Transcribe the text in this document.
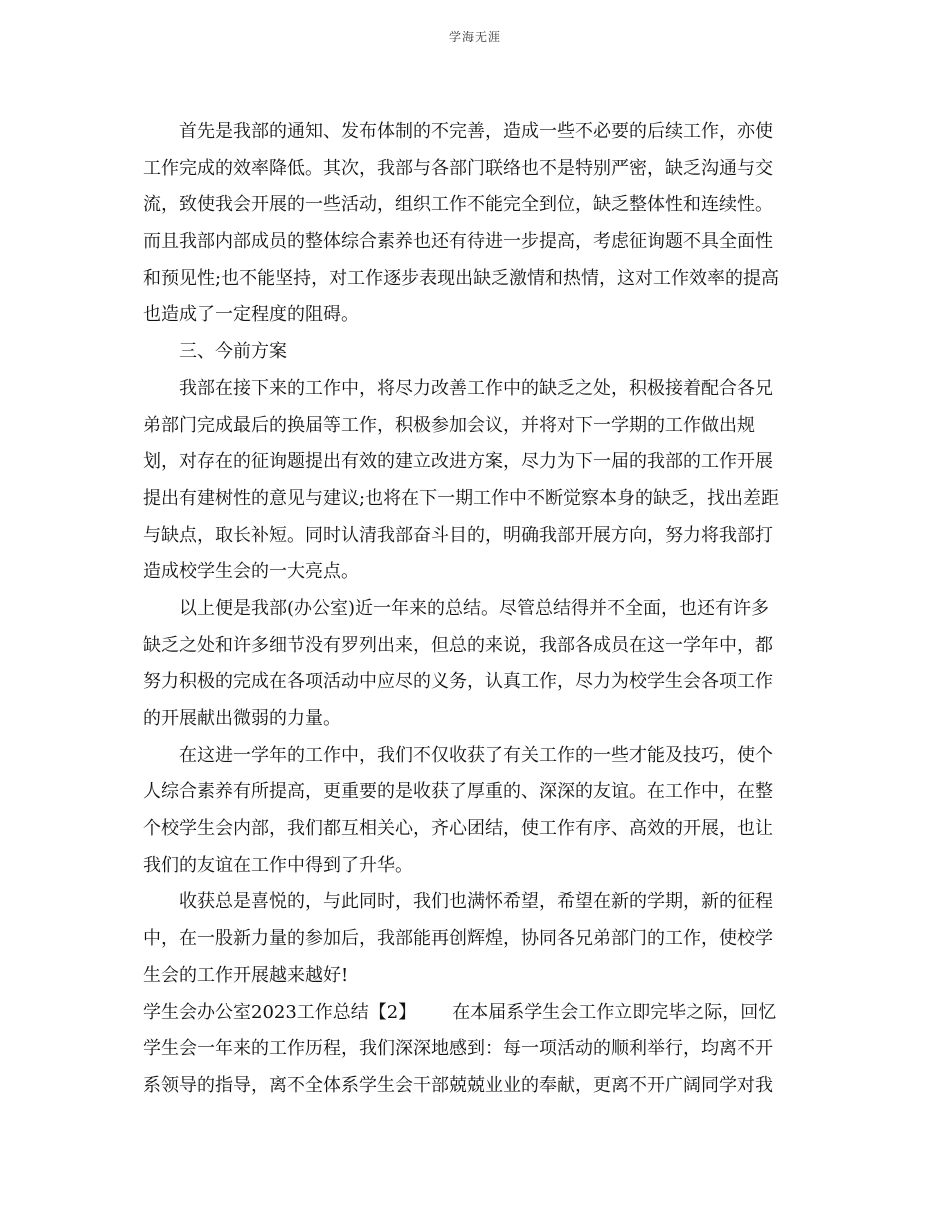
学海无涯
首先是我部的通知、发布体制的不完善，造成一些不必要的后续工作，亦使
工作完成的效率降低。其次，我部与各部门联络也不是特别严密，缺乏沟通与交
流，致使我会开展的一些活动，组织工作不能完全到位，缺乏整体性和连续性。
而且我部内部成员的整体综合素养也还有待进一步提高，考虑征询题不具全面性
和预见性;也不能坚持，对工作逐步表现出缺乏激情和热情，这对工作效率的提高
也造成了一定程度的阻碍。
三、今前方案
我部在接下来的工作中，将尽力改善工作中的缺乏之处，积极接着配合各兄
弟部门完成最后的换届等工作，积极参加会议，并将对下一学期的工作做出规
划，对存在的征询题提出有效的建立改进方案，尽力为下一届的我部的工作开展
提出有建树性的意见与建议;也将在下一期工作中不断觉察本身的缺乏，找出差距
与缺点，取长补短。同时认清我部奋斗目的，明确我部开展方向，努力将我部打
造成校学生会的一大亮点。
以上便是我部(办公室)近一年来的总结。尽管总结得并不全面，也还有许多
缺乏之处和许多细节没有罗列出来，但总的来说，我部各成员在这一学年中，都
努力积极的完成在各项活动中应尽的义务，认真工作，尽力为校学生会各项工作
的开展献出微弱的力量。
在这进一学年的工作中，我们不仅收获了有关工作的一些才能及技巧，使个
人综合素养有所提高，更重要的是收获了厚重的、深深的友谊。在工作中，在整
个校学生会内部，我们都互相关心，齐心团结，使工作有序、高效的开展，也让
我们的友谊在工作中得到了升华。
收获总是喜悦的，与此同时，我们也满怀希望，希望在新的学期，新的征程
中，在一股新力量的参加后，我部能再创辉煌，协同各兄弟部门的工作，使校学
生会的工作开展越来越好!
学生会办公室2023工作总结【2】 在本届系学生会工作立即完毕之际，回忆
学生会一年来的工作历程，我们深深地感到：每一项活动的顺利举行，均离不开
系领导的指导，离不全体系学生会干部兢兢业业的奉献，更离不开广阔同学对我
